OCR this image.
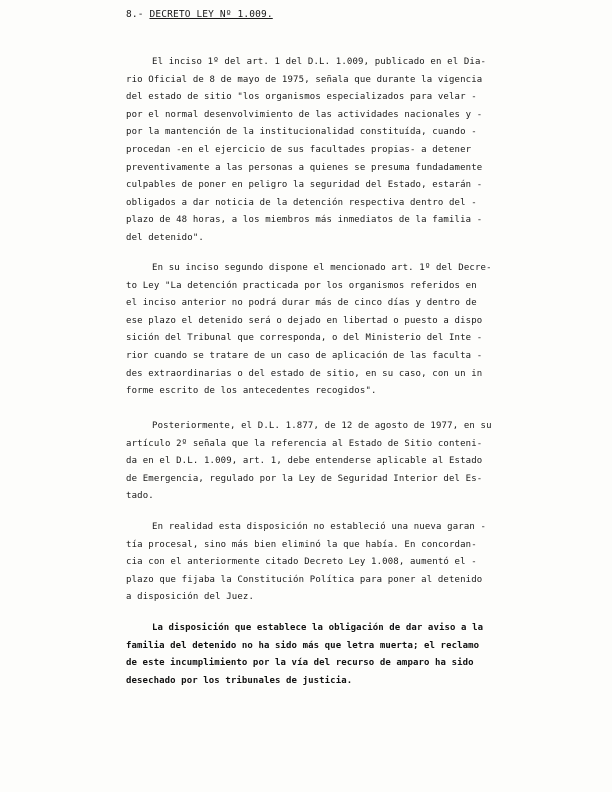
8.- DECRETO LEY Nº 1.009.

El inciso 1º del art. 1 del D.L. 1.009, publicado en el Dia-
rio Oficial de 8 de mayo de 1975, señala que durante la vigencia
del estado de sitio "los organismos especializados para velar -
por el normal desenvolvimiento de las actividades nacionales y -
por la mantención de la institucionalidad constituída, cuando -
procedan -en el ejercicio de sus facultades propias- a detener
preventivamente a las personas a quienes se presuma fundadamente
culpables de poner en peligro la seguridad del Estado, estarán -
obligados a dar noticia de la detención respectiva dentro del -
plazo de 48 horas, a los miembros más inmediatos de la familia -
del detenido".

En su inciso segundo dispone el mencionado art. 1º del Decre-
to Ley "La detención practicada por los organismos referidos en
el inciso anterior no podrá durar más de cinco días y dentro de
ese plazo el detenido será o dejado en libertad o puesto a dispo
sición del Tribunal que corresponda, o del Ministerio del Inte -
rior cuando se tratare de un caso de aplicación de las faculta -
des extraordinarias o del estado de sitio, en su caso, con un in
forme escrito de los antecedentes recogidos".

Posteriormente, el D.L. 1.877, de 12 de agosto de 1977, en su
artículo 2º señala que la referencia al Estado de Sitio conteni-
da en el D.L. 1.009, art. 1, debe entenderse aplicable al Estado
de Emergencia, regulado por la Ley de Seguridad Interior del Es-
tado.

En realidad esta disposición no estableció una nueva garan -
tía procesal, sino más bien eliminó la que había. En concordan-
cia con el anteriormente citado Decreto Ley 1.008, aumentó el -
plazo que fijaba la Constitución Política para poner al detenido
a disposición del Juez.

La disposición que establece la obligación de dar aviso a la
familia del detenido no ha sido más que letra muerta; el reclamo
de este incumplimiento por la vía del recurso de amparo ha sido
desechado por los tribunales de justicia.
